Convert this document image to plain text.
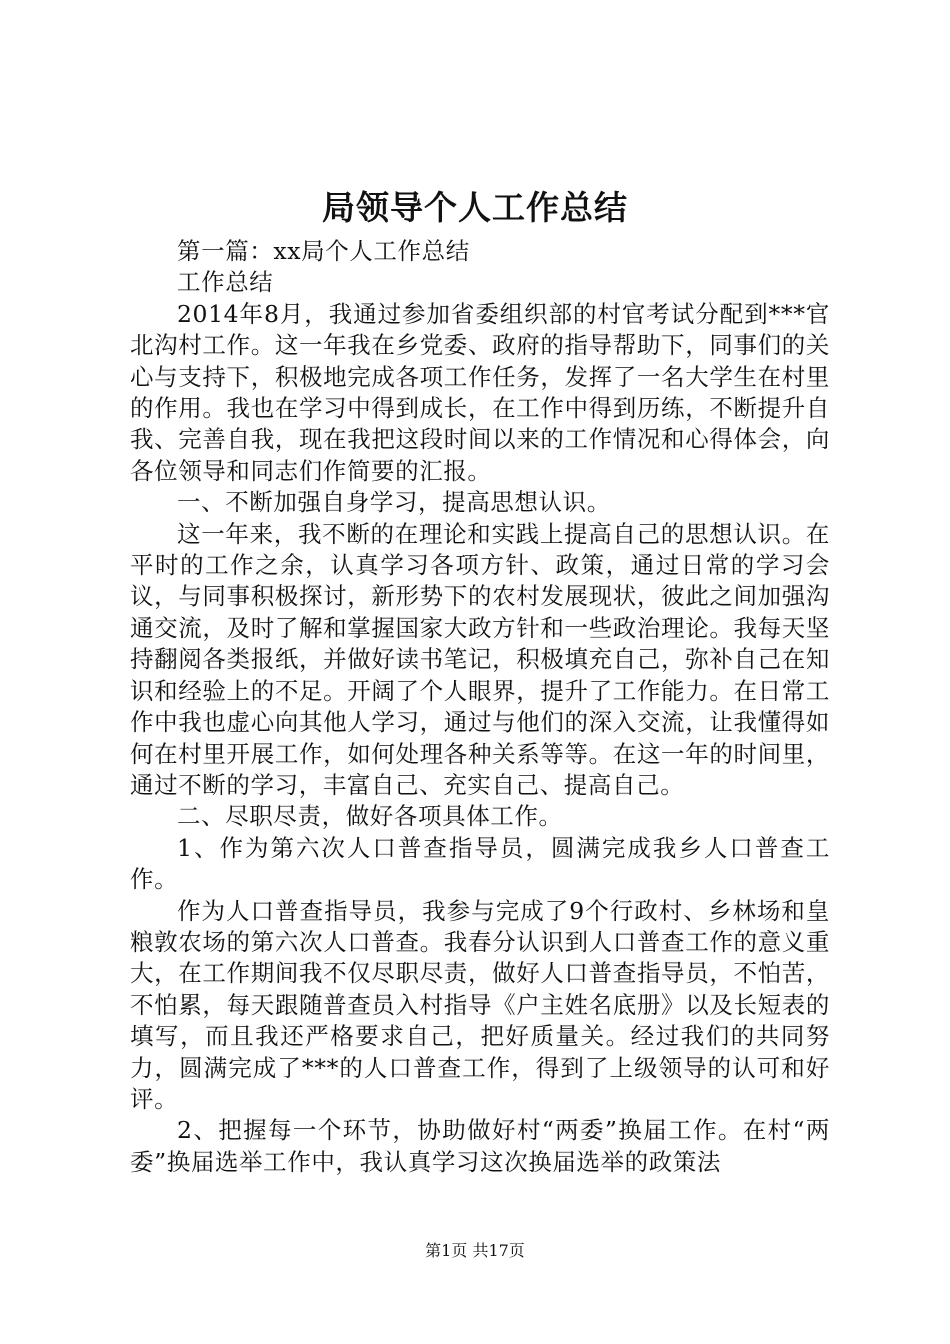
局领导个人工作总结

第一篇：xx局个人工作总结

工作总结

2014年8月，我通过参加省委组织部的村官考试分配到***官北沟村工作。这一年我在乡党委、政府的指导帮助下，同事们的关心与支持下，积极地完成各项工作任务，发挥了一名大学生在村里的作用。我也在学习中得到成长，在工作中得到历练，不断提升自我、完善自我，现在我把这段时间以来的工作情况和心得体会，向各位领导和同志们作简要的汇报。

一、不断加强自身学习，提高思想认识。

这一年来，我不断的在理论和实践上提高自己的思想认识。在平时的工作之余，认真学习各项方针、政策，通过日常的学习会议，与同事积极探讨，新形势下的农村发展现状，彼此之间加强沟通交流，及时了解和掌握国家大政方针和一些政治理论。我每天坚持翻阅各类报纸，并做好读书笔记，积极填充自己，弥补自己在知识和经验上的不足。开阔了个人眼界，提升了工作能力。在日常工作中我也虚心向其他人学习，通过与他们的深入交流，让我懂得如何在村里开展工作，如何处理各种关系等等。在这一年的时间里，通过不断的学习，丰富自己、充实自己、提高自己。

二、尽职尽责，做好各项具体工作。

1、作为第六次人口普查指导员，圆满完成我乡人口普查工作。

作为人口普查指导员，我参与完成了9个行政村、乡林场和皇粮敦农场的第六次人口普查。我春分认识到人口普查工作的意义重大，在工作期间我不仅尽职尽责，做好人口普查指导员，不怕苦，不怕累，每天跟随普查员入村指导《户主姓名底册》以及长短表的填写，而且我还严格要求自己，把好质量关。经过我们的共同努力，圆满完成了***的人口普查工作，得到了上级领导的认可和好评。

2、把握每一个环节，协助做好村“两委”换届工作。在村“两委”换届选举工作中，我认真学习这次换届选举的政策法

第1页 共17页
